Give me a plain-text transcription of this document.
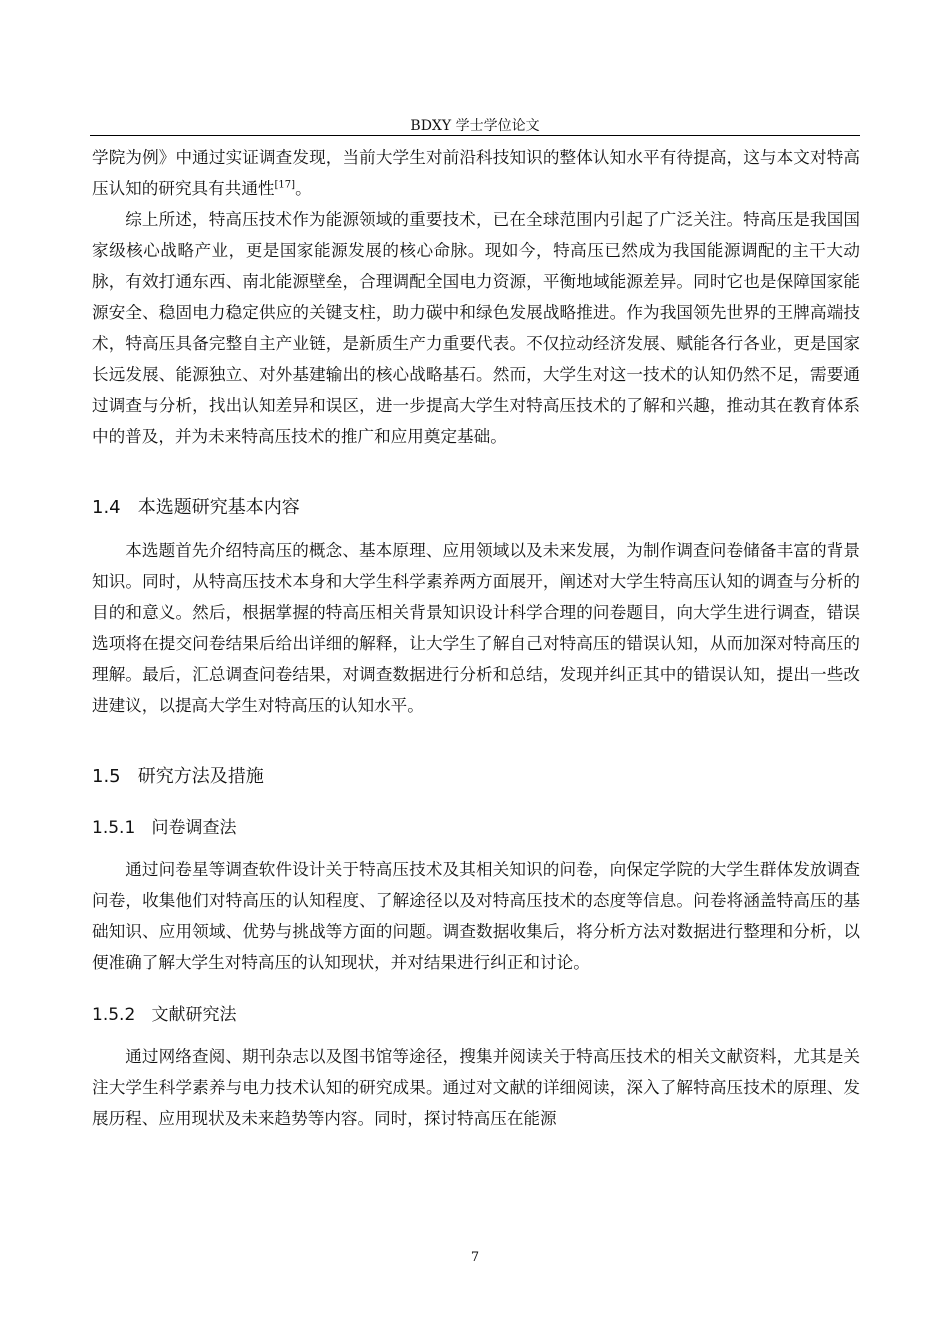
BDXY 学士学位论文

学院为例》中通过实证调查发现，当前大学生对前沿科技知识的整体认知水平有待提高，这与本文对特高压认知的研究具有共通性[17]。

综上所述，特高压技术作为能源领域的重要技术，已在全球范围内引起了广泛关注。特高压是我国国家级核心战略产业，更是国家能源发展的核心命脉。现如今，特高压已然成为我国能源调配的主干大动脉，有效打通东西、南北能源壁垒，合理调配全国电力资源，平衡地域能源差异。同时它也是保障国家能源安全、稳固电力稳定供应的关键支柱，助力碳中和绿色发展战略推进。作为我国领先世界的王牌高端技术，特高压具备完整自主产业链，是新质生产力重要代表。不仅拉动经济发展、赋能各行各业，更是国家长远发展、能源独立、对外基建输出的核心战略基石。然而，大学生对这一技术的认知仍然不足，需要通过调查与分析，找出认知差异和误区，进一步提高大学生对特高压技术的了解和兴趣，推动其在教育体系中的普及，并为未来特高压技术的推广和应用奠定基础。

1.4   本选题研究基本内容

本选题首先介绍特高压的概念、基本原理、应用领域以及未来发展，为制作调查问卷储备丰富的背景知识。同时，从特高压技术本身和大学生科学素养两方面展开，阐述对大学生特高压认知的调查与分析的目的和意义。然后，根据掌握的特高压相关背景知识设计科学合理的问卷题目，向大学生进行调查，错误选项将在提交问卷结果后给出详细的解释，让大学生了解自己对特高压的错误认知，从而加深对特高压的理解。最后，汇总调查问卷结果，对调查数据进行分析和总结，发现并纠正其中的错误认知，提出一些改进建议，以提高大学生对特高压的认知水平。

1.5   研究方法及措施
1.5.1   问卷调查法

通过问卷星等调查软件设计关于特高压技术及其相关知识的问卷，向保定学院的大学生群体发放调查问卷，收集他们对特高压的认知程度、了解途径以及对特高压技术的态度等信息。问卷将涵盖特高压的基础知识、应用领域、优势与挑战等方面的问题。调查数据收集后，将分析方法对数据进行整理和分析，以便准确了解大学生对特高压的认知现状，并对结果进行纠正和讨论。

1.5.2   文献研究法

通过网络查阅、期刊杂志以及图书馆等途径，搜集并阅读关于特高压技术的相关文献资料，尤其是关注大学生科学素养与电力技术认知的研究成果。通过对文献的详细阅读，深入了解特高压技术的原理、发展历程、应用现状及未来趋势等内容。同时，探讨特高压在能源

7
